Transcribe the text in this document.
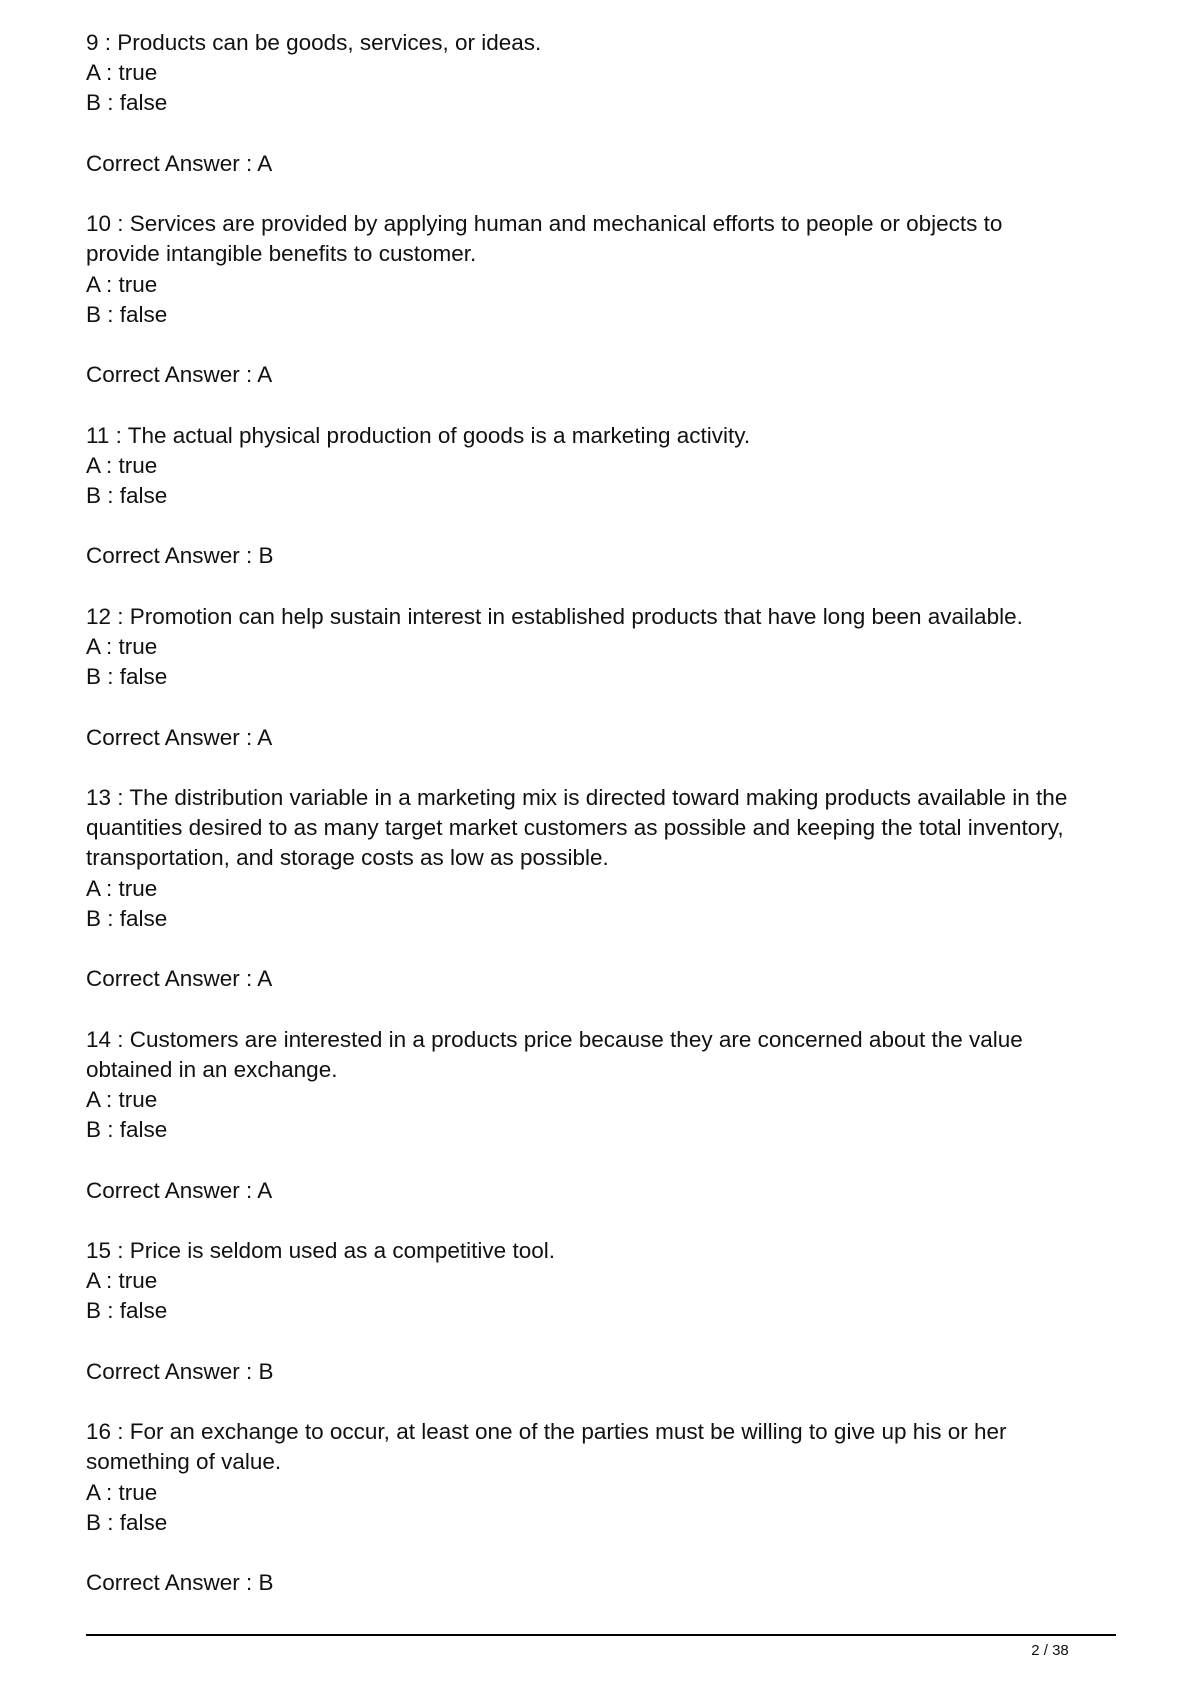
9 : Products can be goods, services, or ideas.

A : true

B : false

Correct Answer : A

10 : Services are provided by applying human and mechanical efforts to people or objects to provide intangible benefits to customer.

A : true

B : false

Correct Answer : A

11 : The actual physical production of goods is a marketing activity.

A : true

B : false

Correct Answer : B

12 : Promotion can help sustain interest in established products that have long been available.

A : true

B : false

Correct Answer : A

13 : The distribution variable in a marketing mix is directed toward making products available in the quantities desired to as many target market customers as possible and keeping the total inventory, transportation, and storage costs as low as possible.

A : true

B : false

Correct Answer : A

14 : Customers are interested in a products price because they are concerned about the value obtained in an exchange.

A : true

B : false

Correct Answer : A

15 : Price is seldom used as a competitive tool.

A : true

B : false

Correct Answer : B

16 : For an exchange to occur, at least one of the parties must be willing to give up his or her something of value.

A : true

B : false

Correct Answer : B

2 / 38
